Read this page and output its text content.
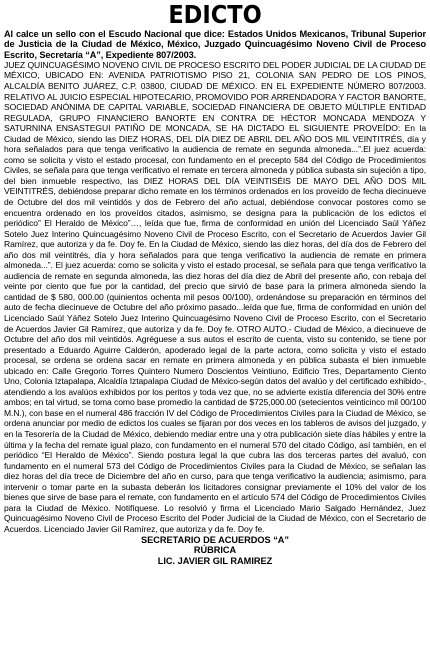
EDICTO

Al calce un sello con el Escudo Nacional que dice: Estados Unidos Mexicanos, Tribunal Superior de Justicia de la Ciudad de México, México, Juzgado Quincuagésimo Noveno Civil de Proceso Escrito, Secretaría “A”, Expediente 807/2003.

JUEZ QUINCUAGÉSIMO NOVENO CIVIL DE PROCESO ESCRITO DEL PODER JUDICIAL DE LA CIUDAD DE MÉXICO, UBICADO EN: AVENIDA PATRIOTISMO PISO 21, COLONIA SAN PEDRO DE LOS PINOS, ALCALDÍA BENITO JUÁREZ, C.P. 03800, CIUDAD DE MÉXICO. EN EL EXPEDIENTE NÚMERO 807/2003. RELATIVO AL JUICIO ESPECIAL HIPOTECARIO, PROMOVIDO POR ARRENDADORA Y FACTOR BANORTE, SOCIEDAD ANÓNIMA DE CAPITAL VARIABLE, SOCIEDAD FINANCIERA DE OBJETO MÚLTIPLE ENTIDAD REGULADA, GRUPO FINANCIERO BANORTE EN CONTRA DE HÉCTOR MONCADA MENDOZA Y SATURNINA ENSASTEGUI PATIÑO DE MONCADA, SE HA DICTADO EL SIGUIENTE PROVEÍDO: En la Ciudad de México, siendo las DIEZ HORAS, DEL DÍA DIEZ DE ABRIL DEL AÑO DOS MIL VEINTITRÉS, día y hora señalados para que tenga verificativo la audiencia de remate en segunda almoneda...”.El juez acuerda: como se solicita y visto el estado procesal, con fundamento en el precepto 584 del Código de Procedimientos Civiles, se señala para que tenga verificativo el remate en tercera almoneda y pública subasta sin sujeción a tipo, del bien inmueble respectivo, las DIEZ HORAS DEL DÍA VEINTISÉIS DE MAYO DEL AÑO DOS MIL VEINTITRÉS, debiéndose preparar dicho remate en los términos ordenados en los proveído de fecha diecinueve de Octubre del dos mil veintidós y dos de Febrero del año actual, debiéndose convocar postores como se encuentra ordenado en los proveídos citados, asimismo, se designa para la publicación de los edictos el periódico” El Heraldo de México”…, leída que fue, firma de conformidad en unión del Licenciado Saúl Yáñez Sotelo Juez Interino Quincuagésimo Noveno Civil de Proceso Escrito, con el Secretario de Acuerdos Javier Gil Ramírez, que autoriza y da fe. Doy fe. En la Ciudad de México, siendo las diez horas, del día dos de Febrero del año dos mil veintitrés, día y hora señalados para que tenga verificativo la audiencia de remate en primera almoneda...”. El juez acuerda: como se solicita y visto el estado procesal, se señala para que tenga verificativo la audiencia de remate en segunda almoneda, las diez horas del día diez de Abril del presente año, con rebaja del veinte por ciento que fue por la cantidad, del precio que sirvió de base para la primera almoneda siendo la cantidad de $ 580, 000.00 (quinientos ochenta mil pesos 00/100), ordenándose su preparación en términos del auto de fecha diecinueve de Octubre del año próximo pasado...leída que fue, firma de conformidad en unión del Licenciado Saúl Yáñez Sotelo Juez Interino Quincuagésimo Noveno Civil de Proceso Escrito, con el Secretario de Acuerdos Javier Gil Ramírez, que autoriza y da fe. Doy fe. OTRO AUTO.- Ciudad de México, a diecinueve de Octubre del año dos mil veintidós. Agréguese a sus autos el escrito de cuenta, visto su contenido, se tiene por presentado a Eduardo Aguirre Calderón, apoderado legal de la parte actora, como solicita y visto el estado procesal, se ordena se ordena sacar en remate en primera almoneda y en pública subasta el bien inmueble ubicado en: Calle Gregorio Torres Quintero Numero Doscientos Veintiuno, Edificio Tres, Departamento Ciento Uno, Colonia Iztapalapa, Alcaldía Iztapalapa Ciudad de México-según datos del avalúo y del certificado exhibido-, atendiendo a los avalúos exhibidos por los peritos y toda vez que, no se advierte existía diferencia del 30% entre ambos; en tal virtud, se toma como base promedio la cantidad de $725,000.00 (setecientos veinticinco mil 00/100 M.N.), con base en el numeral 486 fracción IV del Código de Procedimientos Civiles para la Ciudad de México, se ordena anunciar por medio de edictos los cuales se fijaran por dos veces en los tableros de avisos del juzgado, y en la Tesorería de la Ciudad de México, debiendo mediar entre una y otra publicación siete días hábiles y entre la última y la fecha del remate igual plazo, con fundamento en el numeral 570 del citado Código, así también, en el periódico “El Heraldo de México”. Siendo postura legal la que cubra las dos terceras partes del avaluó, con fundamento en el numeral 573 del Código de Procedimientos Civiles para la Ciudad de México, se señalan las diez horas del día trece de Diciembre del año en curso, para que tenga verificativo la audiencia; asimismo, para intervenir o tomar parte en la subasta deberán los licitadores consignar previamente el 10% del valor de los bienes que sirve de base para el remate, con fundamento en el artículo 574 del Código de Procedimientos Civiles para la Ciudad de México. Notifíquese. Lo resolvió y firma el Licenciado Mario Salgado Hernández, Juez Quincuagésimo Noveno Civil de Proceso Escrito del Poder Judicial de la Ciudad de México, con el Secretario de Acuerdos. Licenciado Javier Gil Ramírez, que autoriza y da fe. Doy fe.

SECRETARIO DE ACUERDOS “A”
RÚBRICA
LIC. JAVIER GIL RAMIREZ
